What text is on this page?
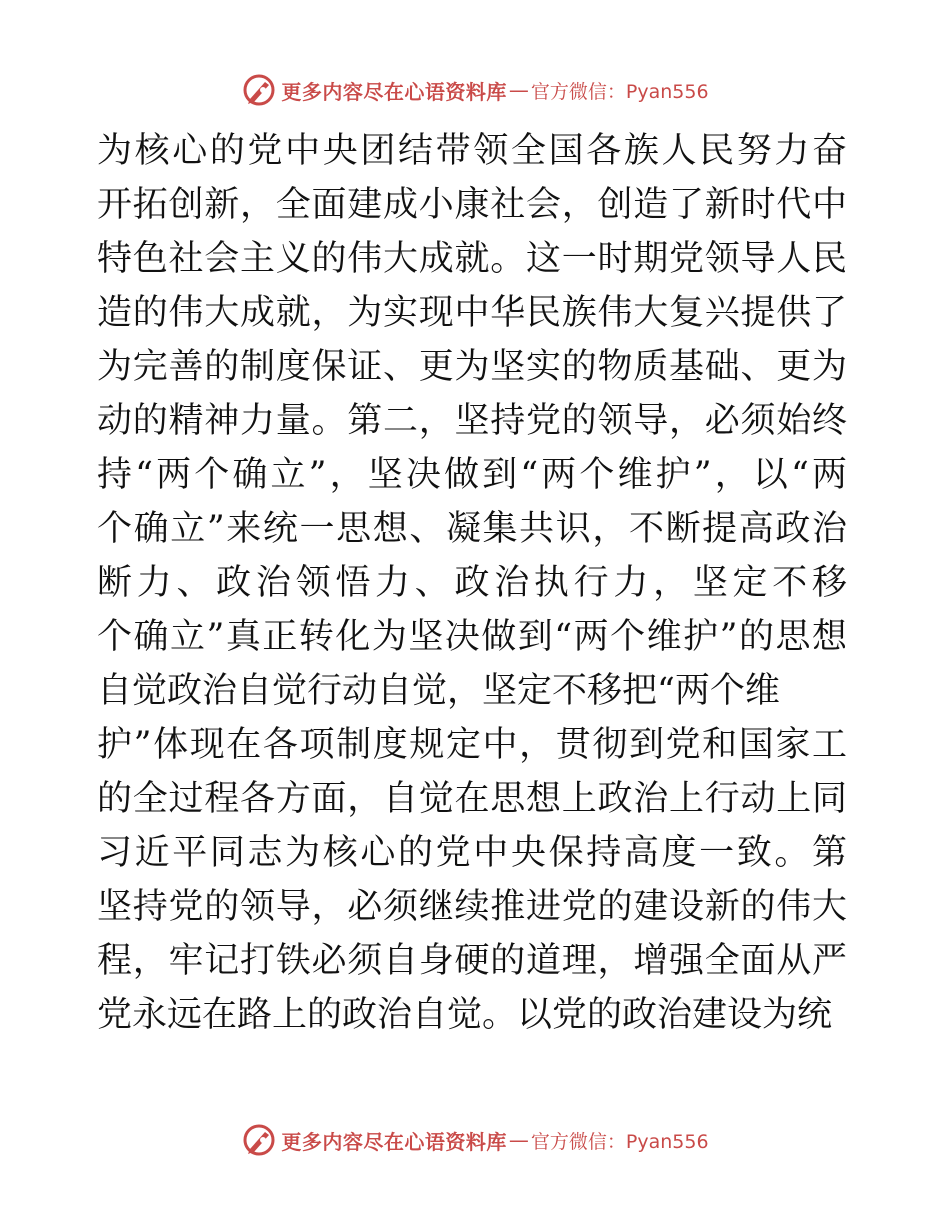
更多内容尽在心语资料库 — 官方微信：Pyan556
为核心的党中央团结带领全国各族人民努力奋
开拓创新，全面建成小康社会，创造了新时代中
特色社会主义的伟大成就。这一时期党领导人民
造的伟大成就，为实现中华民族伟大复兴提供了
为完善的制度保证、更为坚实的物质基础、更为
动的精神力量。第二，坚持党的领导，必须始终
持“两个确立”，坚决做到“两个维护”，以“两
个确立”来统一思想、凝集共识，不断提高政治
断力、政治领悟力、政治执行力，坚定不移
个确立”真正转化为坚决做到“两个维护”的思想
自觉政治自觉行动自觉，坚定不移把“两个维
护”体现在各项制度规定中，贯彻到党和国家工
的全过程各方面，自觉在思想上政治上行动上同
习近平同志为核心的党中央保持高度一致。第
坚持党的领导，必须继续推进党的建设新的伟大
程，牢记打铁必须自身硬的道理，增强全面从严
党永远在路上的政治自觉。以党的政治建设为统
更多内容尽在心语资料库 — 官方微信：Pyan556
